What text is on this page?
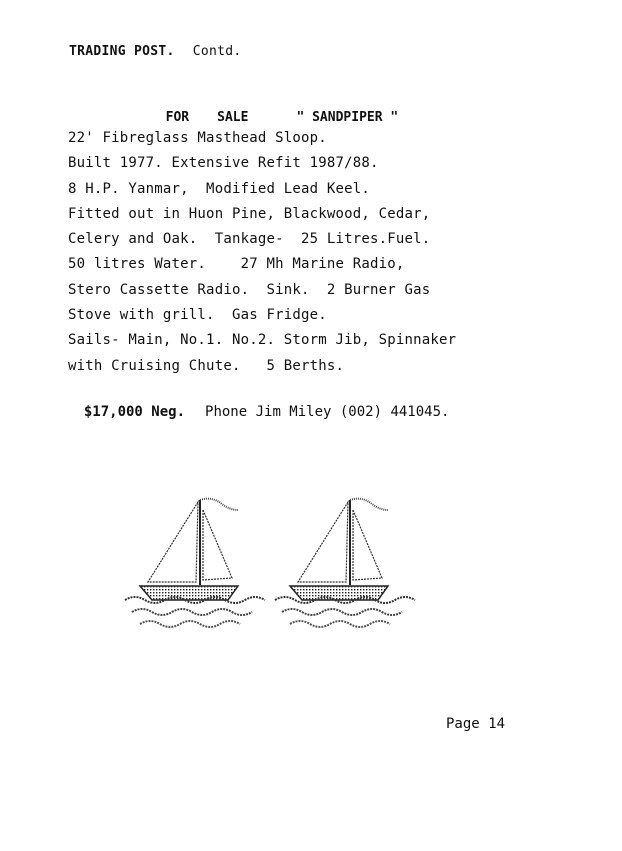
TRADING POST. Contd.

FOR SALE	" SANDPIPER "

22' Fibreglass Masthead Sloop.
Built 1977. Extensive Refit 1987/88.
8 H.P. Yanmar,  Modified Lead Keel.
Fitted out in Huon Pine, Blackwood, Cedar,
Celery and Oak.  Tankage-  25 Litres.Fuel.
50 litres Water.    27 Mh Marine Radio,
Stero Cassette Radio.  Sink.  2 Burner Gas
Stove with grill.  Gas Fridge.
Sails- Main, No.1. No.2. Storm Jib, Spinnaker
with Cruising Chute.   5 Berths.

$17,000 Neg. Phone Jim Miley (002) 441045.

Page 14
